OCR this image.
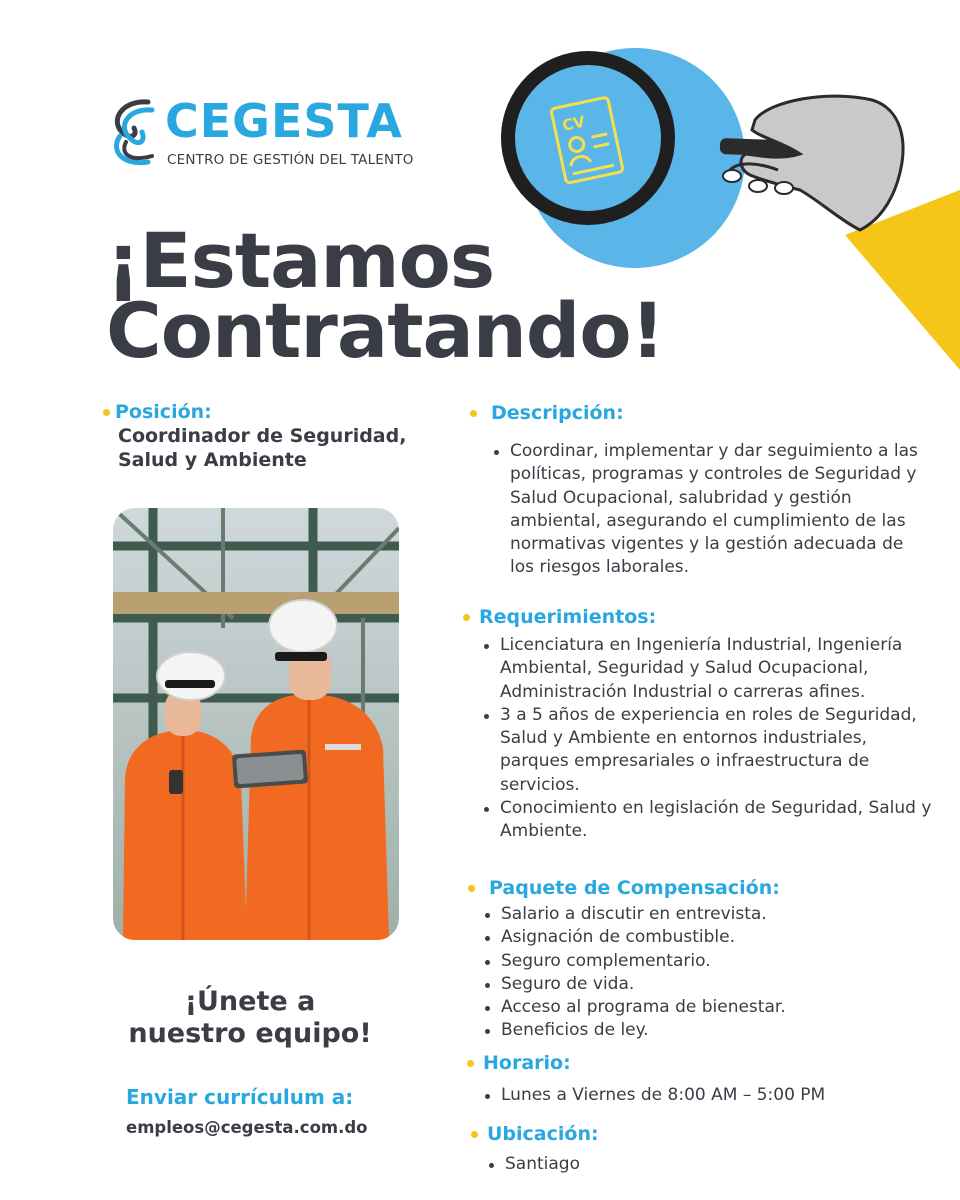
CEGESTA
CENTRO DE GESTIÓN DEL TALENTO
CV
¡Estamos
Contratando!
Posición:
Coordinador de Seguridad,
Salud y Ambiente
¡Únete a
nuestro equipo!
Enviar currículum a:
empleos@cegesta.com.do
Descripción:
Coordinar, implementar y dar seguimiento a las políticas, programas y controles de Seguridad y Salud Ocupacional, salubridad y gestión ambiental, asegurando el cumplimiento de las normativas vigentes y la gestión adecuada de los riesgos laborales.
Requerimientos:
Licenciatura en Ingeniería Industrial, Ingeniería Ambiental, Seguridad y Salud Ocupacional, Administración Industrial o carreras afines.
3 a 5 años de experiencia en roles de Seguridad, Salud y Ambiente en entornos industriales, parques empresariales o infraestructura de servicios.
Conocimiento en legislación de Seguridad, Salud y Ambiente.
Paquete de Compensación:
Salario a discutir en entrevista.
Asignación de combustible.
Seguro complementario.
Seguro de vida.
Acceso al programa de bienestar.
Beneficios de ley.
Horario:
Lunes a Viernes de 8:00 AM – 5:00 PM
Ubicación:
Santiago
